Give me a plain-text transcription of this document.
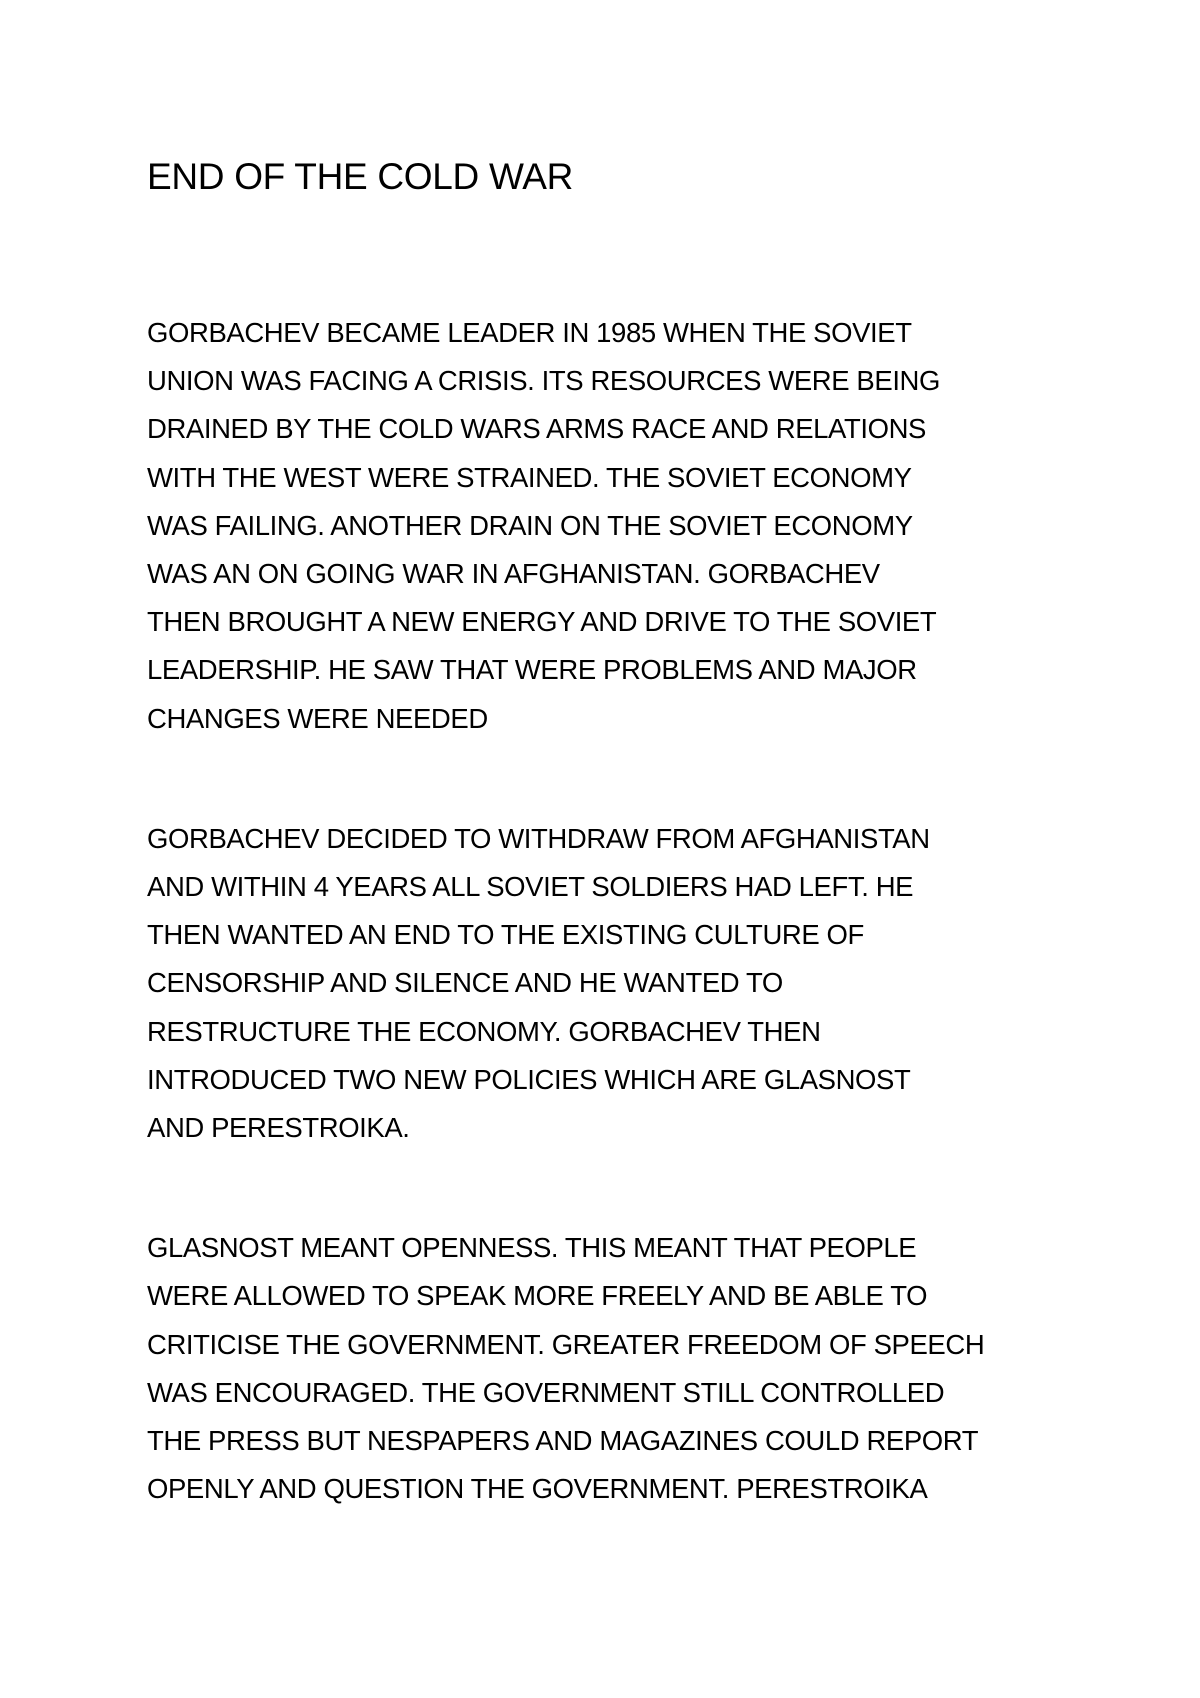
END OF THE COLD WAR

GORBACHEV BECAME LEADER IN 1985 WHEN THE SOVIET
UNION WAS FACING A CRISIS. ITS RESOURCES WERE BEING
DRAINED BY THE COLD WARS ARMS RACE AND RELATIONS
WITH THE WEST WERE STRAINED. THE SOVIET ECONOMY
WAS FAILING. ANOTHER DRAIN ON THE SOVIET ECONOMY
WAS AN ON GOING WAR IN AFGHANISTAN. GORBACHEV
THEN BROUGHT A NEW ENERGY AND DRIVE TO THE SOVIET
LEADERSHIP. HE SAW THAT WERE PROBLEMS AND MAJOR
CHANGES WERE NEEDED

GORBACHEV DECIDED TO WITHDRAW FROM AFGHANISTAN
AND WITHIN 4 YEARS ALL SOVIET SOLDIERS HAD LEFT. HE
THEN WANTED AN END TO THE EXISTING CULTURE OF
CENSORSHIP AND SILENCE AND HE WANTED TO
RESTRUCTURE THE ECONOMY. GORBACHEV THEN
INTRODUCED TWO NEW POLICIES WHICH ARE GLASNOST
AND PERESTROIKA.

GLASNOST MEANT OPENNESS. THIS MEANT THAT PEOPLE
WERE ALLOWED TO SPEAK MORE FREELY AND BE ABLE TO
CRITICISE THE GOVERNMENT. GREATER FREEDOM OF SPEECH
WAS ENCOURAGED. THE GOVERNMENT STILL CONTROLLED
THE PRESS BUT NESPAPERS AND MAGAZINES COULD REPORT
OPENLY AND QUESTION THE GOVERNMENT. PERESTROIKA
